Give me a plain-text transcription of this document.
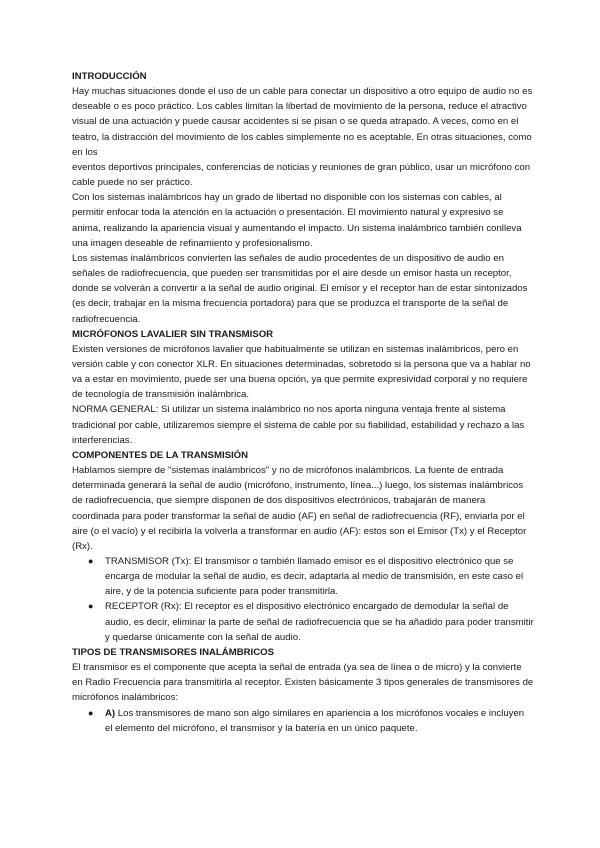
INTRODUCCIÓN
Hay muchas situaciones donde el uso de un cable para conectar un dispositivo a otro equipo de audio no es deseable o es poco práctico. Los cables limitan la libertad de movimiento de la persona, reduce el atractivo visual de una actuación y puede causar accidentes si se pisan o se queda atrapado. A veces, como en el teatro, la distracción del movimiento de los cables simplemente no es aceptable. En otras situaciones, como en los
eventos deportivos principales, conferencias de noticias y reuniones de gran público, usar un micrófono con cable puede no ser práctico.
Con los sistemas inalámbricos hay un grado de libertad no disponible con los sistemas con cables, al permitir enfocar toda la atención en la actuación o presentación. El movimiento natural y expresivo se anima, realizando la apariencia visual y aumentando el impacto. Un sistema inalámbrico también conlleva una imagen deseable de refinamiento y profesionalismo.
Los sistemas inalámbricos convierten las señales de audio procedentes de un dispositivo de audio en señales de radiofrecuencia, que pueden ser transmitidas por el aire desde un emisor hasta un receptor, donde se volverán a convertir a la señal de audio original. El emisor y el receptor han de estar sintonizados (es decir, trabajar en la misma frecuencia portadora) para que se produzca el transporte de la señal de radiofrecuencia.
MICRÓFONOS LAVALIER SIN TRANSMISOR
Existen versiones de micrófonos lavalier que habitualmente se utilizan en sistemas inalámbricos, pero en versión cable y con conector XLR. En situaciones determinadas, sobretodo si la persona que va a hablar no va a estar en movimiento, puede ser una buena opción, ya que permite expresividad corporal y no requiere de tecnología de transmisión inalámbrica.
NORMA GENERAL: Si utilizar un sistema inalámbrico no nos aporta ninguna ventaja frente al sistema tradicional por cable, utilizaremos siempre el sistema de cable por su fiabilidad, estabilidad y rechazo a las interferencias.
COMPONENTES DE LA TRANSMISIÓN
Hablamos siempre de "sistemas inalámbricos" y no de micrófonos inalámbricos. La fuente de entrada determinada generará la señal de audio (micrófono, instrumento, línea...) luego, los sistemas inalámbricos de radiofrecuencia, que siempre disponen de dos dispositivos electrónicos, trabajarán de manera coordinada para poder transformar la señal de audio (AF) en señal de radiofrecuencia (RF), enviarla por el aire (o el vacío) y el recibirla la volverla a transformar en audio (AF): estos son el Emisor (Tx) y el Receptor (Rx).
● TRANSMISOR (Tx): El transmisor o también llamado emisor es el dispositivo electrónico que se encarga de modular la señal de audio, es decir, adaptarla al medio de transmisión, en este caso el aire, y de la potencia suficiente para poder transmitirla.
● RECEPTOR (Rx): El receptor es el dispositivo electrónico encargado de demodular la señal de audio, es decir, eliminar la parte de señal de radiofrecuencia que se ha añadido para poder transmitir y quedarse únicamente con la señal de audio.
TIPOS DE TRANSMISORES INALÁMBRICOS
El transmisor es el componente que acepta la señal de entrada (ya sea de línea o de micro) y la convierte en Radio Frecuencia para transmitirla al receptor. Existen básicamente 3 tipos generales de transmisores de micrófonos inalámbricos:
● A) Los transmisores de mano son algo similares en apariencia a los micrófonos vocales e incluyen el elemento del micrófono, el transmisor y la batería en un único paquete.
